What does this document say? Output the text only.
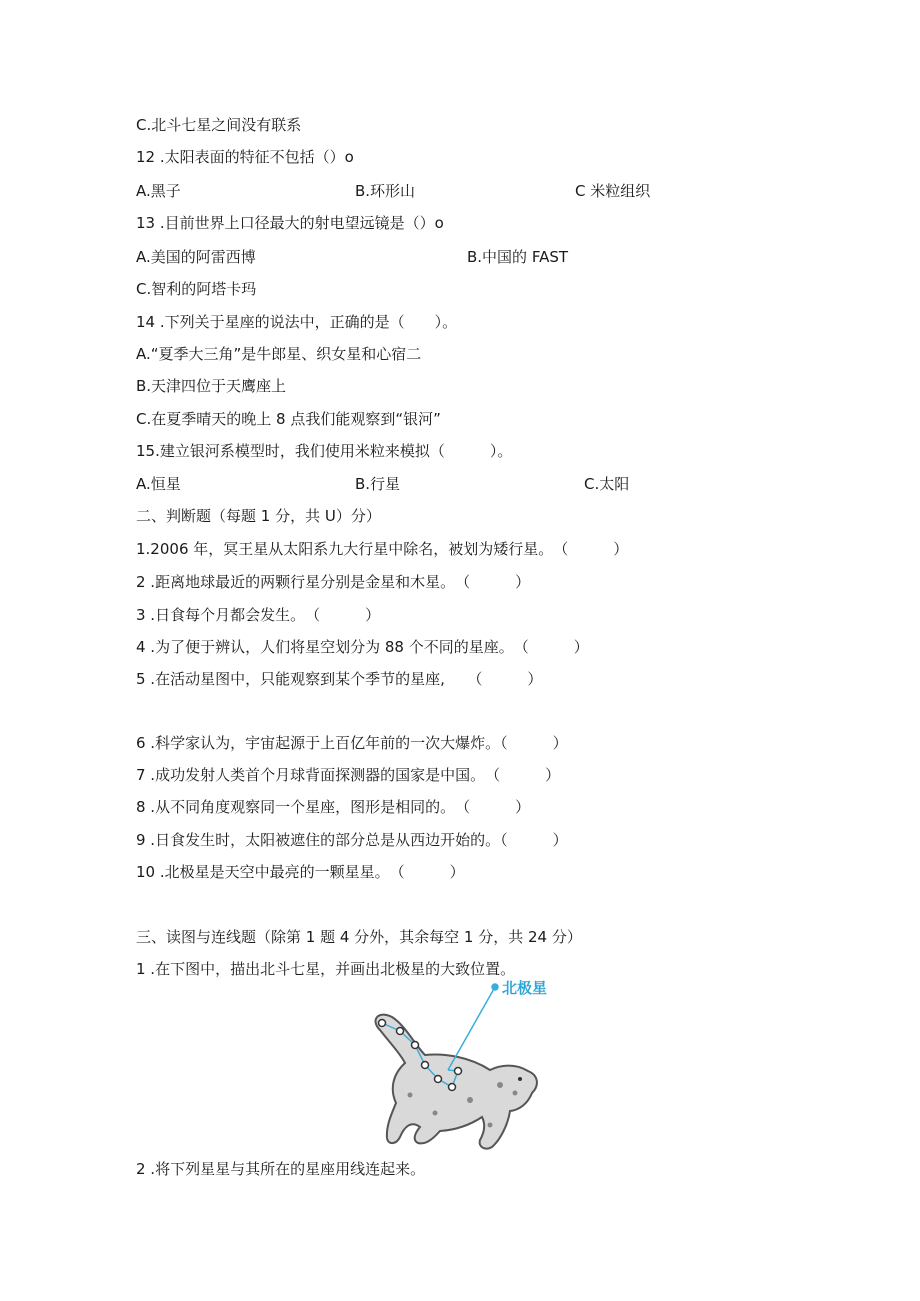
C.北斗七星之间没有联系
12 .太阳表面的特征不包括（）o
A.黑子	B.环形山	C 米粒组织
13 .目前世界上口径最大的射电望远镜是（）o
A.美国的阿雷西博	B.中国的 FAST
C.智利的阿塔卡玛
14 .下列关于星座的说法中，正确的是（　　）。
A.“夏季大三角”是牛郎星、织女星和心宿二
B.天津四位于天鹰座上
C.在夏季晴天的晚上 8 点我们能观察到“银河”
15.建立银河系模型时，我们使用米粒来模拟（　　　）。
A.恒星	B.行星	C.太阳
二、判断题（每题 1 分，共 U）分）
1.2006 年，冥王星从太阳系九大行星中除名，被划为矮行星。　（　　　）
2 .距离地球最近的两颗行星分别是金星和木星。　（　　　）
3 .日食每个月都会发生。　（　　　）
4 .为了便于辨认，人们将星空划分为 88 个不同的星座。　（　　　）
5 .在活动星图中，只能观察到某个季节的星座,　　（　　　）
6 .科学家认为，宇宙起源于上百亿年前的一次大爆炸。（　　　）
7 .成功发射人类首个月球背面探测器的国家是中国。　（　　　）
8 .从不同角度观察同一个星座，图形是相同的。　（　　　）
9 .日食发生时，太阳被遮住的部分总是从西边开始的。（　　　）
10 .北极星是天空中最亮的一颗星星。　（　　　）
三、读图与连线题（除第 1 题 4 分外，其余每空 1 分，共 24 分）
1 .在下图中，描出北斗七星，并画出北极星的大致位置。
2 .将下列星星与其所在的星座用线连起来。
北极星
